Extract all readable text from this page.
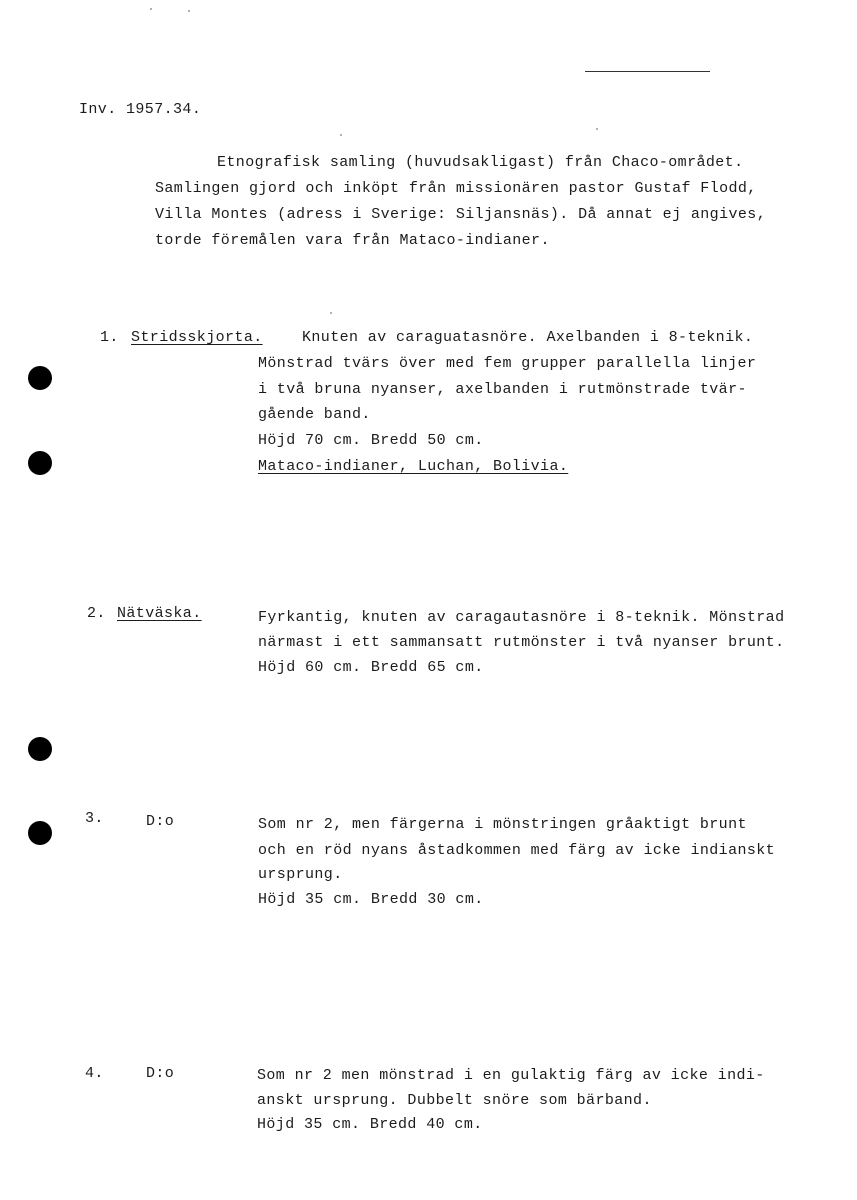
Inv. 1957.34.
Etnografisk samling (huvudsakligast) från Chaco-området.
Samlingen gjord och inköpt från missionären pastor Gustaf Flodd,
Villa Montes (adress i Sverige: Siljansnäs). Då annat ej angives,
torde föremålen vara från Mataco-indianer.
1. Stridsskjorta.	Knuten av caraguatasnöre. Axelbanden i 8-teknik.
Mönstrad tvärs över med fem grupper parallella linjer
i två bruna nyanser, axelbanden i rutmönstrade tvär-
gående band.
Höjd 70 cm. Bredd 50 cm.
Mataco-indianer, Luchan, Bolivia.
2. Nätväska.	Fyrkantig, knuten av caragautasnöre i 8-teknik. Mönstrad
närmast i ett sammansatt rutmönster i två nyanser brunt.
Höjd 60 cm. Bredd 65 cm.
3.	D:o	Som nr 2, men färgerna i mönstringen gråaktigt brunt
och en röd nyans åstadkommen med färg av icke indianskt
ursprung.
Höjd 35 cm. Bredd 30 cm.
4.	D:o	Som nr 2 men mönstrad i en gulaktig färg av icke indi-
anskt ursprung. Dubbelt snöre som bärband.
Höjd 35 cm. Bredd 40 cm.
